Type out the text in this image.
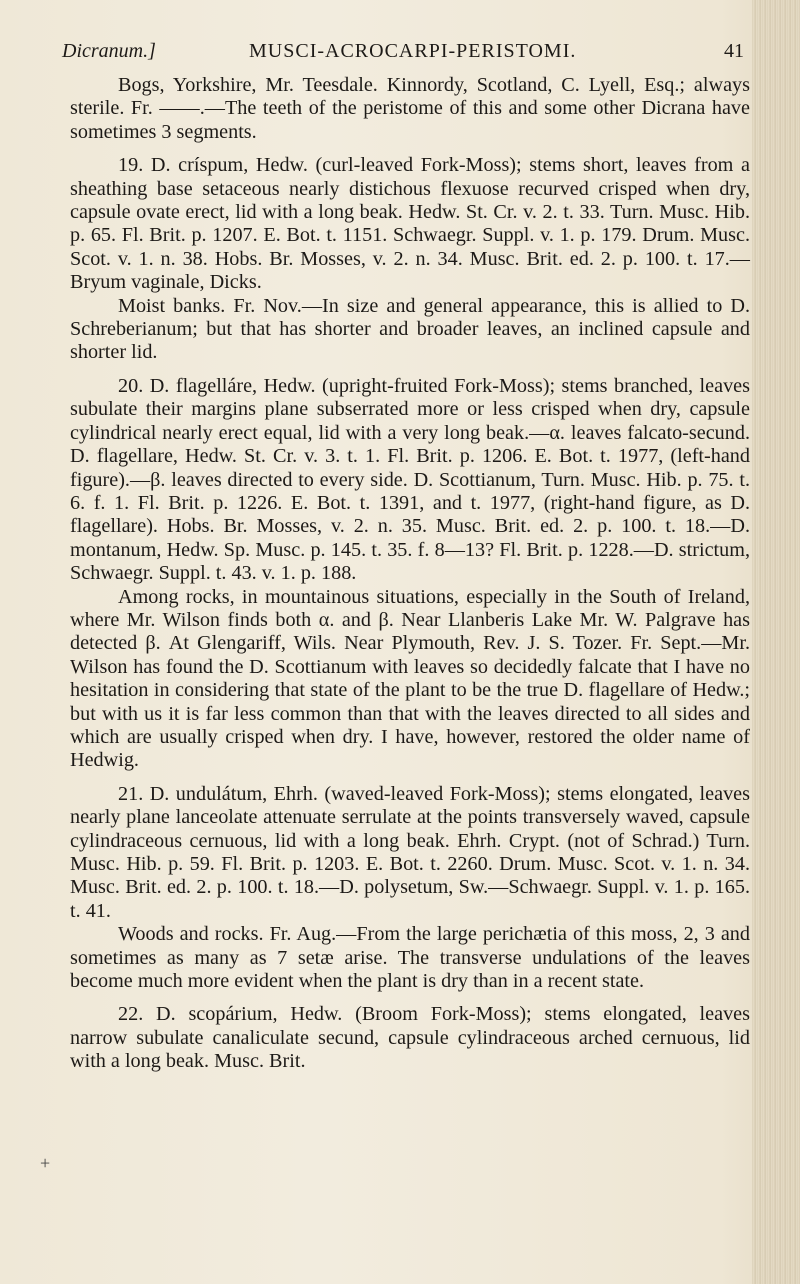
Dicranum.]	MUSCI-ACROCARPI-PERISTOMI.	41
+

Bogs, Yorkshire, Mr. Teesdale. Kinnordy, Scotland, C. Lyell, Esq.; always sterile. Fr. ——.—The teeth of the peristome of this and some other Dicrana have sometimes 3 segments.

19. D. críspum, Hedw. (curl-leaved Fork-Moss); stems short, leaves from a sheathing base setaceous nearly distichous flexuose recurved crisped when dry, capsule ovate erect, lid with a long beak. Hedw. St. Cr. v. 2. t. 33. Turn. Musc. Hib. p. 65. Fl. Brit. p. 1207. E. Bot. t. 1151. Schwaegr. Suppl. v. 1. p. 179. Drum. Musc. Scot. v. 1. n. 38. Hobs. Br. Mosses, v. 2. n. 34. Musc. Brit. ed. 2. p. 100. t. 17.—Bryum vaginale, Dicks.

Moist banks. Fr. Nov.—In size and general appearance, this is allied to D. Schreberianum; but that has shorter and broader leaves, an inclined capsule and shorter lid.

20. D. flagelláre, Hedw. (upright-fruited Fork-Moss); stems branched, leaves subulate their margins plane subserrated more or less crisped when dry, capsule cylindrical nearly erect equal, lid with a very long beak.—α. leaves falcato-secund. D. flagellare, Hedw. St. Cr. v. 3. t. 1. Fl. Brit. p. 1206. E. Bot. t. 1977, (left-hand figure).—β. leaves directed to every side. D. Scottianum, Turn. Musc. Hib. p. 75. t. 6. f. 1. Fl. Brit. p. 1226. E. Bot. t. 1391, and t. 1977, (right-hand figure, as D. flagellare). Hobs. Br. Mosses, v. 2. n. 35. Musc. Brit. ed. 2. p. 100. t. 18.—D. montanum, Hedw. Sp. Musc. p. 145. t. 35. f. 8—13? Fl. Brit. p. 1228.—D. strictum, Schwaegr. Suppl. t. 43. v. 1. p. 188.

Among rocks, in mountainous situations, especially in the South of Ireland, where Mr. Wilson finds both α. and β. Near Llanberis Lake Mr. W. Palgrave has detected β. At Glengariff, Wils. Near Plymouth, Rev. J. S. Tozer. Fr. Sept.—Mr. Wilson has found the D. Scottianum with leaves so decidedly falcate that I have no hesitation in considering that state of the plant to be the true D. flagellare of Hedw.; but with us it is far less common than that with the leaves directed to all sides and which are usually crisped when dry. I have, however, restored the older name of Hedwig.

21. D. undulátum, Ehrh. (waved-leaved Fork-Moss); stems elongated, leaves nearly plane lanceolate attenuate serrulate at the points transversely waved, capsule cylindraceous cernuous, lid with a long beak. Ehrh. Crypt. (not of Schrad.) Turn. Musc. Hib. p. 59. Fl. Brit. p. 1203. E. Bot. t. 2260. Drum. Musc. Scot. v. 1. n. 34. Musc. Brit. ed. 2. p. 100. t. 18.—D. polysetum, Sw.—Schwaegr. Suppl. v. 1. p. 165. t. 41.

Woods and rocks. Fr. Aug.—From the large perichætia of this moss, 2, 3 and sometimes as many as 7 setæ arise. The transverse undulations of the leaves become much more evident when the plant is dry than in a recent state.

22. D. scopárium, Hedw. (Broom Fork-Moss); stems elongated, leaves narrow subulate canaliculate secund, capsule cylindraceous arched cernuous, lid with a long beak. Musc. Brit.
